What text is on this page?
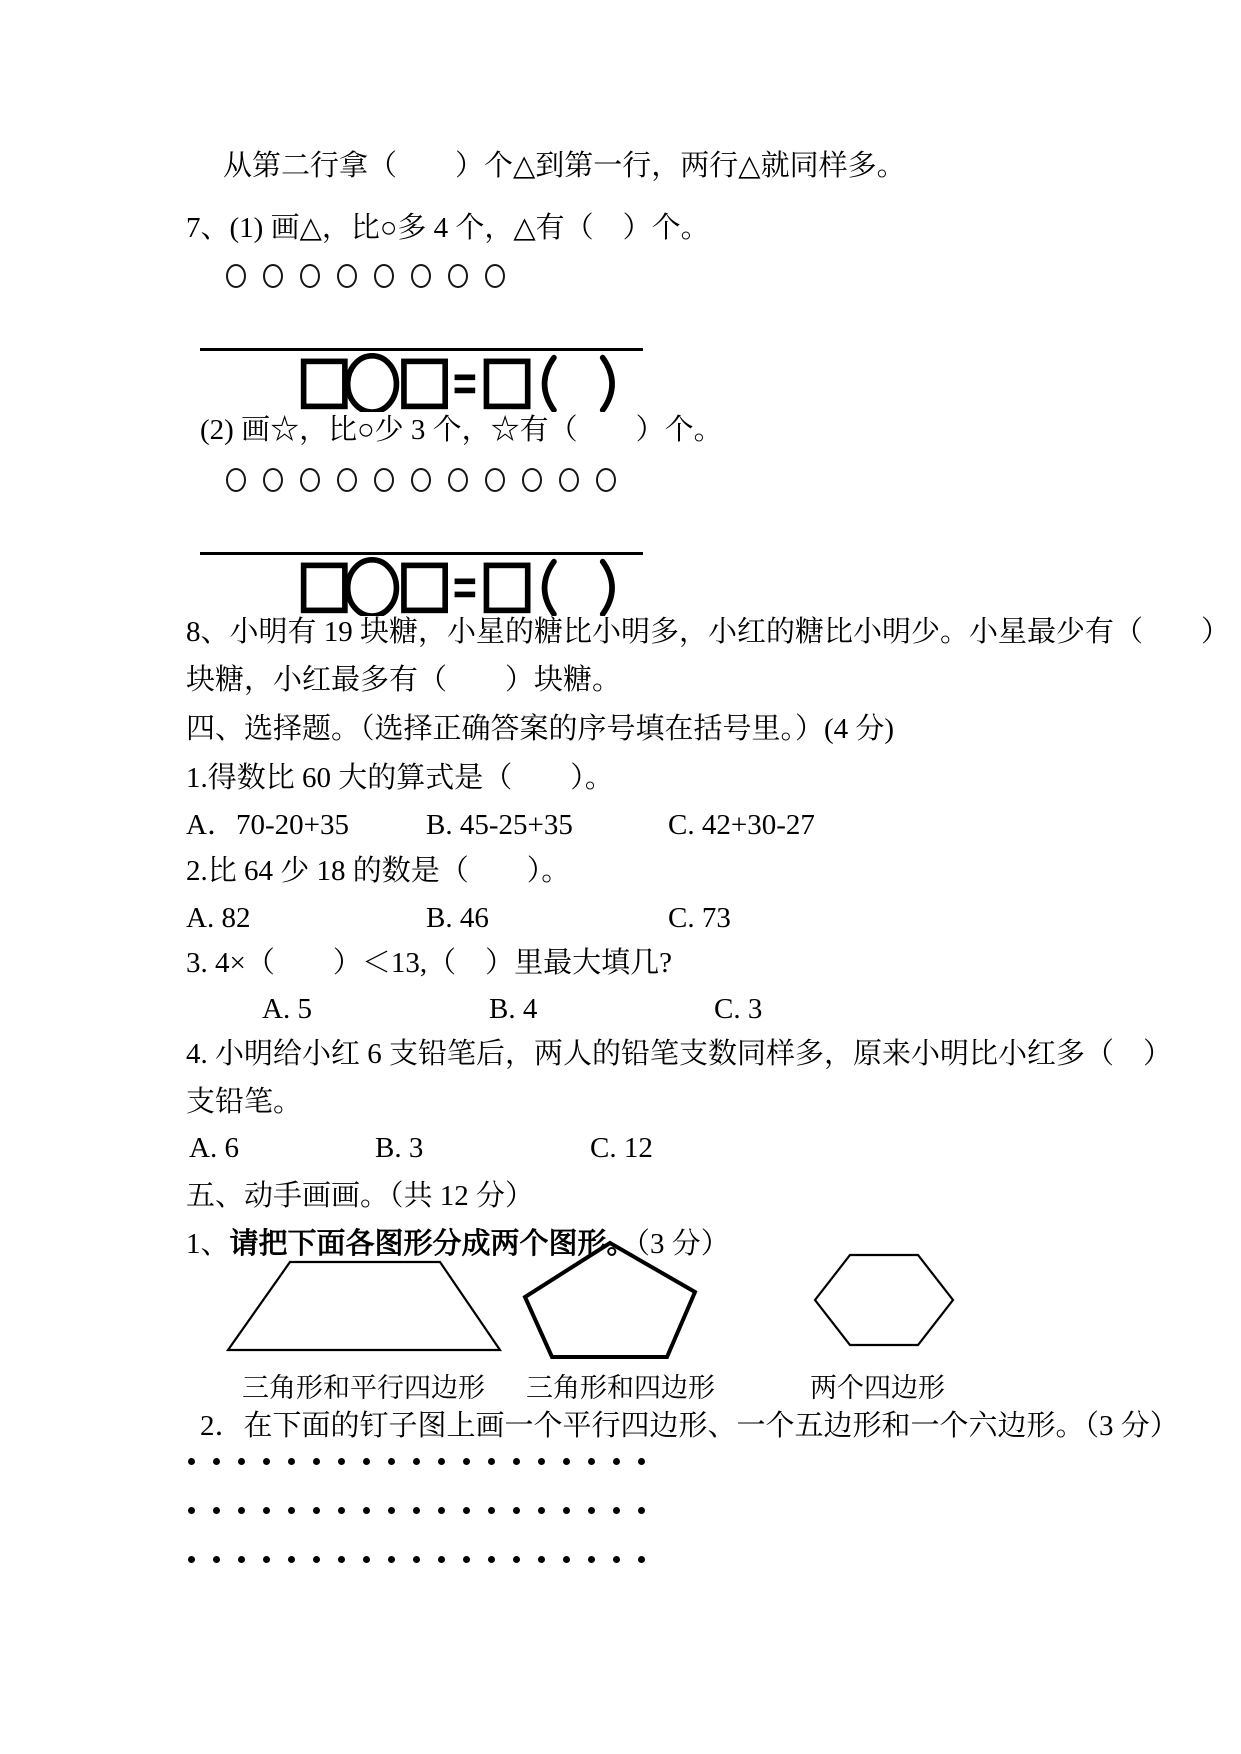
从第二行拿（　　）个△到第一行，两行△就同样多。
7、(1) 画△，比○多 4 个，△有（　）个。
(2) 画☆，比○少 3 个，☆有（　　）个。
8、小明有 19 块糖，小星的糖比小明多，小红的糖比小明少。小星最少有（　　）
块糖，小红最多有（　　）块糖。
四、选择题。（选择正确答案的序号填在括号里。）(4 分)
1.得数比 60 大的算式是（　　）。
A．70-20+35	B. 45-25+35	C. 42+30-27
2.比 64 少 18 的数是（　　）。
A. 82	B. 46	C. 73
3. 4×（　　）＜13,（　）里最大填几?
A. 5	B. 4	C. 3
4. 小明给小红 6 支铅笔后，两人的铅笔支数同样多，原来小明比小红多（　）
支铅笔。
A. 6	B. 3	C. 12
五、动手画画。（共 12 分）
1、请把下面各图形分成两个图形。（3 分）
三角形和平行四边形 三角形和四边形	两个四边形
2．在下面的钉子图上画一个平行四边形、一个五边形和一个六边形。（3 分）
